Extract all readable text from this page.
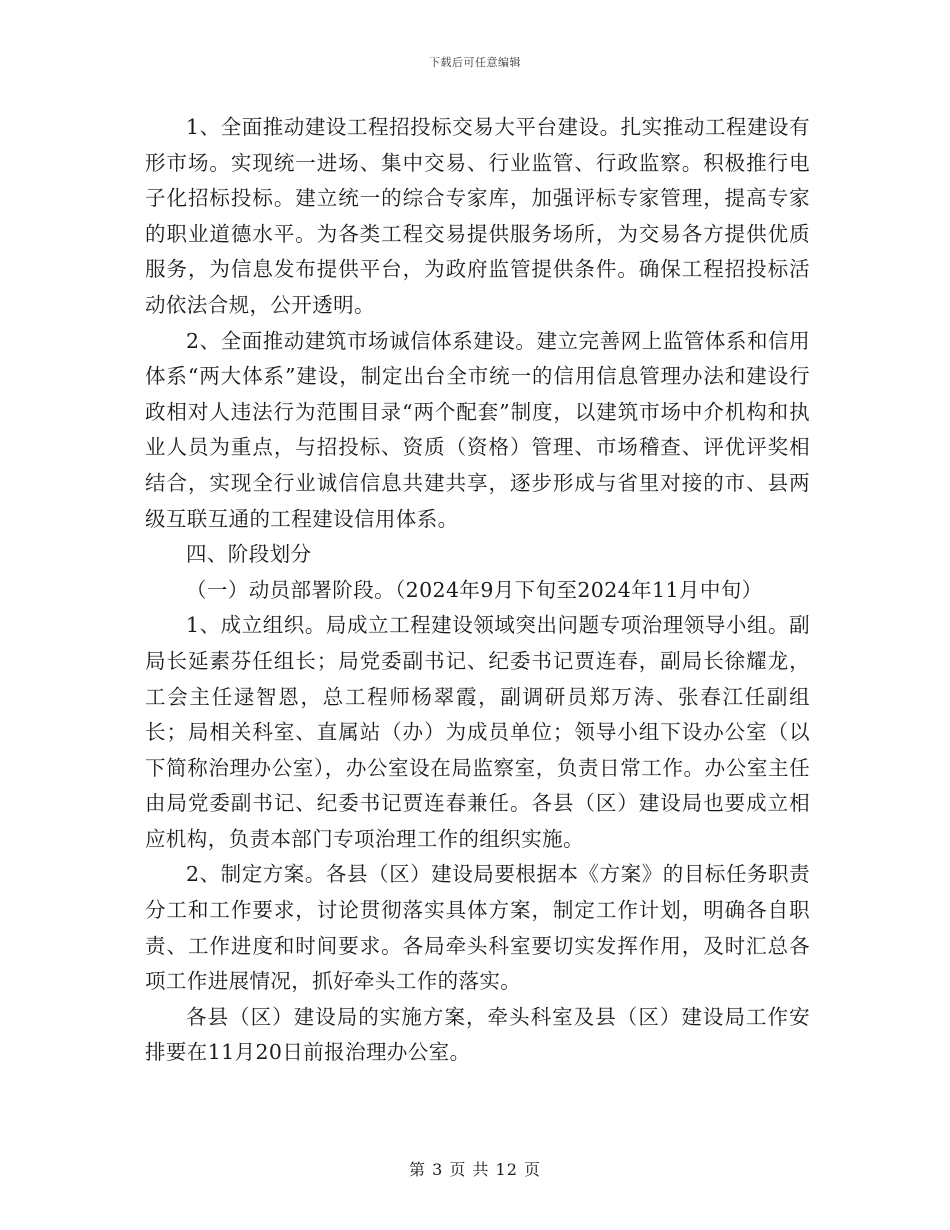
下载后可任意编辑

1、全面推动建设工程招投标交易大平台建设。扎实推动工程建设有形市场。实现统一进场、集中交易、行业监管、行政监察。积极推行电子化招标投标。建立统一的综合专家库，加强评标专家管理，提高专家的职业道德水平。为各类工程交易提供服务场所，为交易各方提供优质服务，为信息发布提供平台，为政府监管提供条件。确保工程招投标活动依法合规，公开透明。

2、全面推动建筑市场诚信体系建设。建立完善网上监管体系和信用体系“两大体系”建设，制定出台全市统一的信用信息管理办法和建设行政相对人违法行为范围目录“两个配套”制度，以建筑市场中介机构和执业人员为重点，与招投标、资质（资格）管理、市场稽查、评优评奖相结合，实现全行业诚信信息共建共享，逐步形成与省里对接的市、县两级互联互通的工程建设信用体系。

四、阶段划分

（一）动员部署阶段。（2024年9月下旬至2024年11月中旬）

1、成立组织。局成立工程建设领域突出问题专项治理领导小组。副局长延素芬任组长；局党委副书记、纪委书记贾连春，副局长徐耀龙，工会主任逯智恩，总工程师杨翠霞，副调研员郑万涛、张春江任副组长；局相关科室、直属站（办）为成员单位；领导小组下设办公室（以下简称治理办公室），办公室设在局监察室，负责日常工作。办公室主任由局党委副书记、纪委书记贾连春兼任。各县（区）建设局也要成立相应机构，负责本部门专项治理工作的组织实施。

2、制定方案。各县（区）建设局要根据本《方案》的目标任务职责分工和工作要求，讨论贯彻落实具体方案，制定工作计划，明确各自职责、工作进度和时间要求。各局牵头科室要切实发挥作用，及时汇总各项工作进展情况，抓好牵头工作的落实。

各县（区）建设局的实施方案，牵头科室及县（区）建设局工作安排要在11月20日前报治理办公室。

第 3 页 共 12 页
